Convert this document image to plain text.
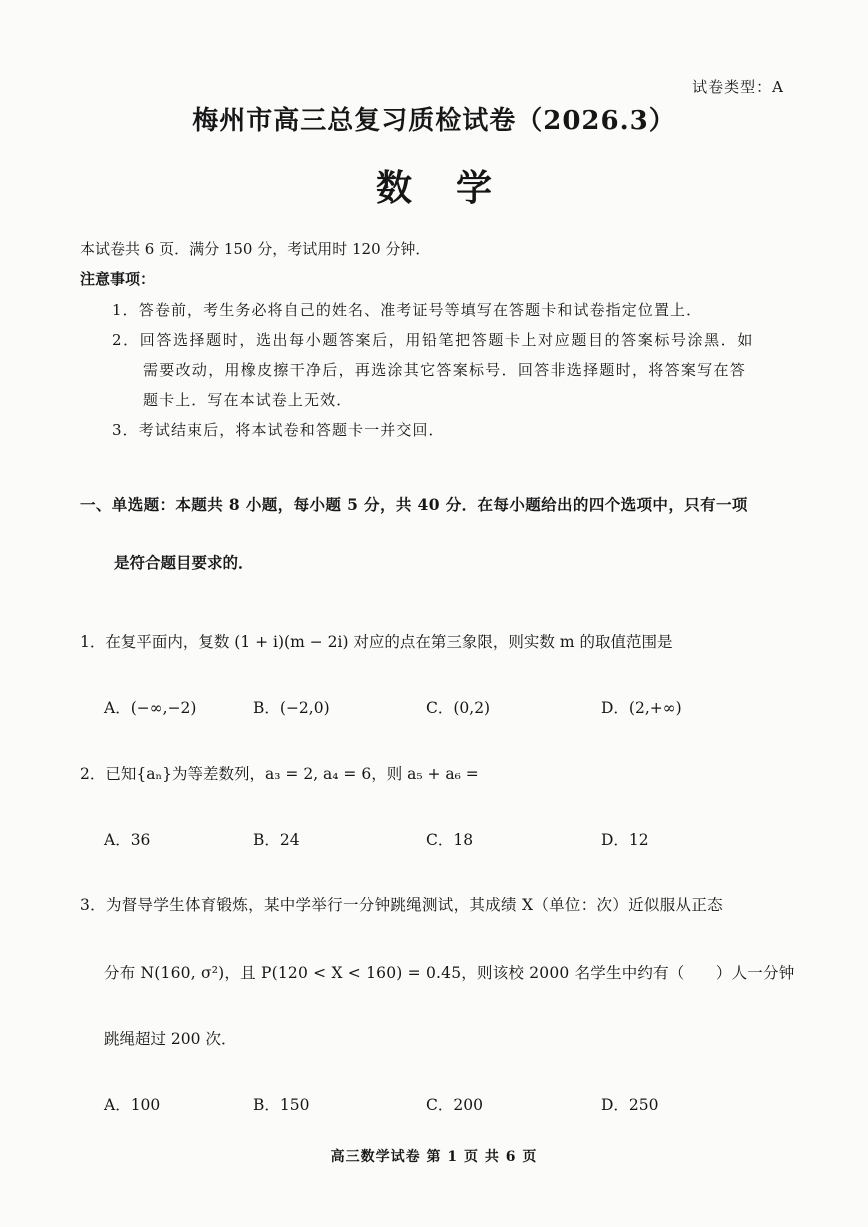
试卷类型：A
梅州市高三总复习质检试卷（2026.3）
数学
本试卷共 6 页．满分 150 分，考试用时 120 分钟．
注意事项：
1．答卷前，考生务必将自己的姓名、准考证号等填写在答题卡和试卷指定位置上．
2．回答选择题时，选出每小题答案后，用铅笔把答题卡上对应题目的答案标号涂黑．如
需要改动，用橡皮擦干净后，再选涂其它答案标号．回答非选择题时，将答案写在答
题卡上．写在本试卷上无效．
3．考试结束后，将本试卷和答题卡一并交回．
一、单选题：本题共 8 小题，每小题 5 分，共 40 分．在每小题给出的四个选项中，只有一项
是符合题目要求的．
1．在复平面内，复数 (1 + i)(m − 2i) 对应的点在第三象限，则实数 m 的取值范围是
A．(−∞,−2)	B．(−2,0)	C．(0,2)	D．(2,+∞)
2．已知{aₙ}为等差数列，a₃ = 2, a₄ = 6，则 a₅ + a₆ =
A．36	B．24	C．18	D．12
3．为督导学生体育锻炼，某中学举行一分钟跳绳测试，其成绩 X（单位：次）近似服从正态
分布 N(160, σ²)，且 P(120 < X < 160) = 0.45，则该校 2000 名学生中约有（　　）人一分钟
跳绳超过 200 次．
A．100	B．150	C．200	D．250
高三数学试卷 第 1 页 共 6 页
